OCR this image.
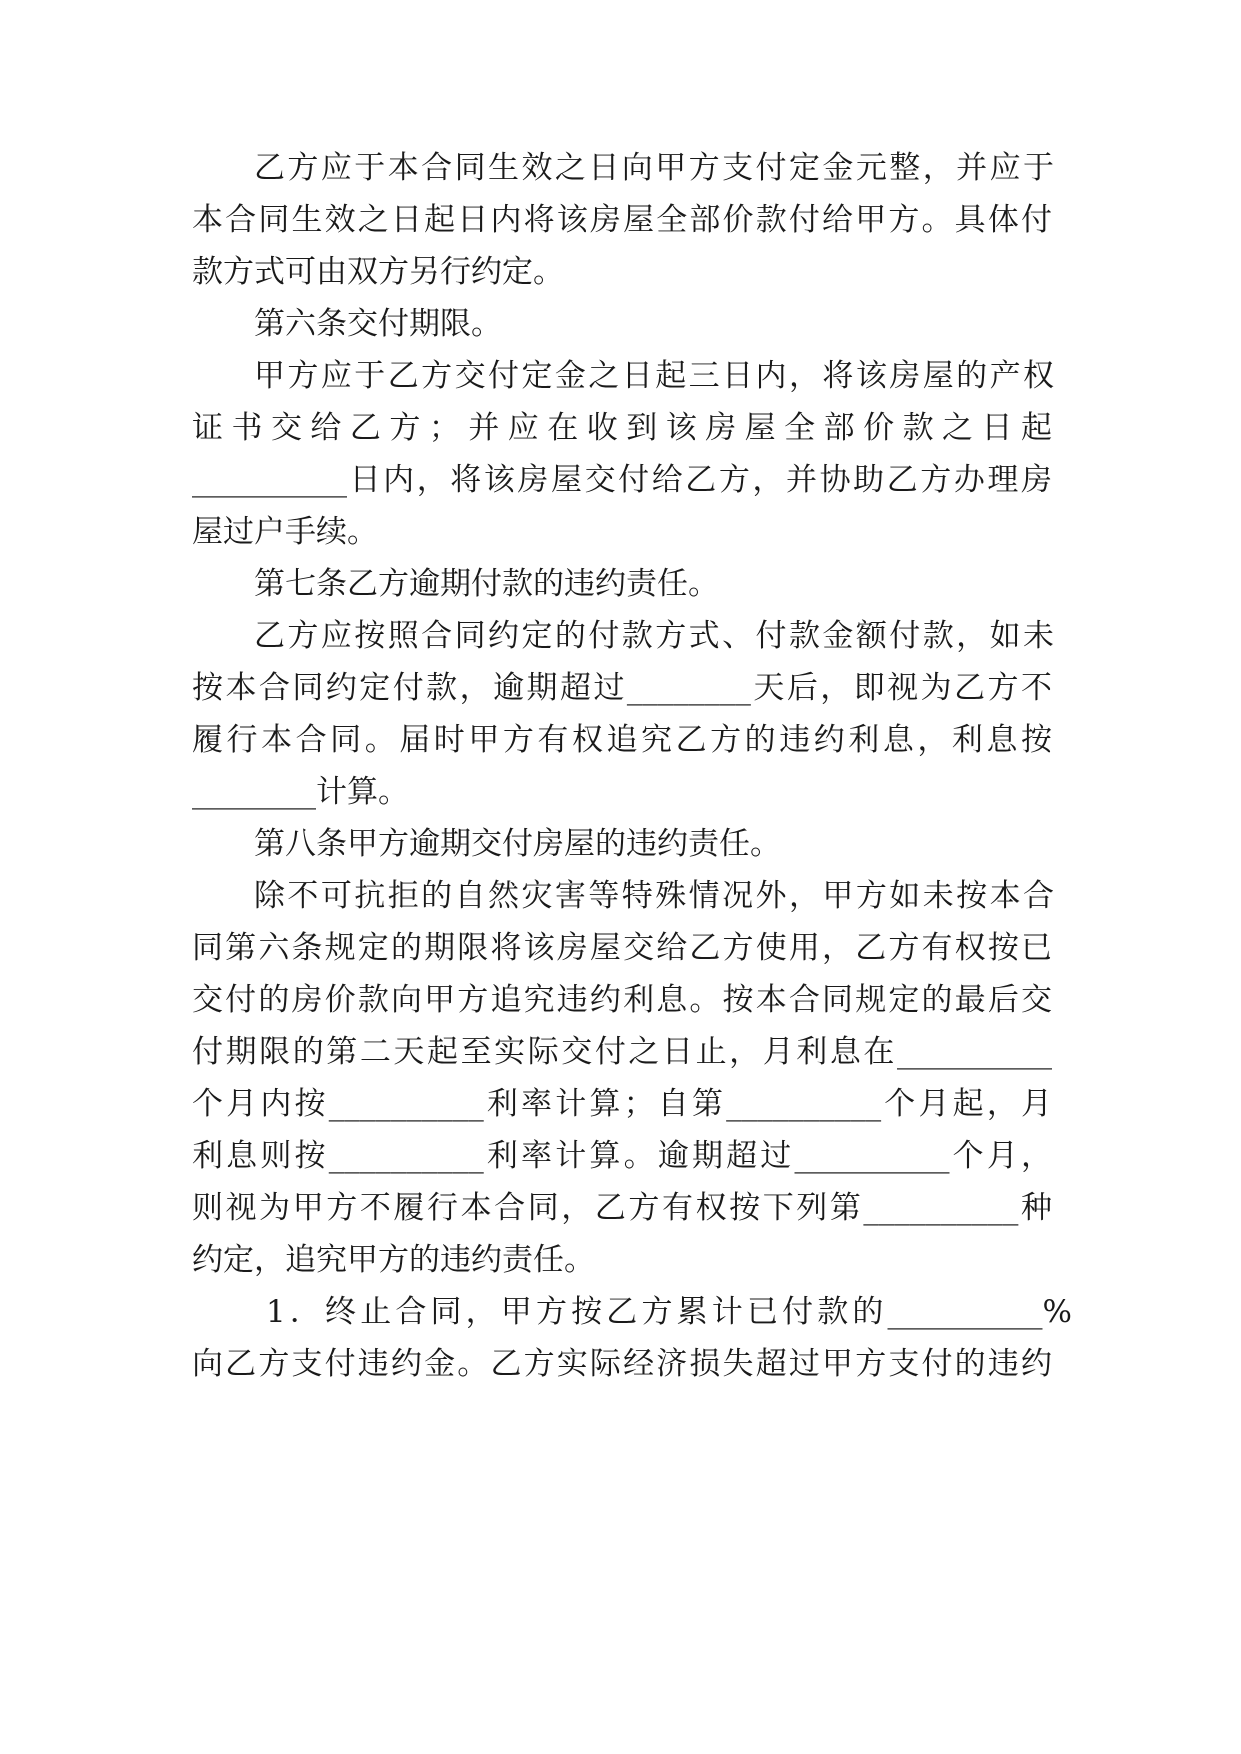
乙方应于本合同生效之日向甲方支付定金元整，并应于
本合同生效之日起日内将该房屋全部价款付给甲方。具体付
款方式可由双方另行约定。
第六条交付期限。
甲方应于乙方交付定金之日起三日内，将该房屋的产权
证书交给乙方；并应在收到该房屋全部价款之日起
__________日内，将该房屋交付给乙方，并协助乙方办理房
屋过户手续。
第七条乙方逾期付款的违约责任。
乙方应按照合同约定的付款方式、付款金额付款，如未
按本合同约定付款，逾期超过________天后，即视为乙方不
履行本合同。届时甲方有权追究乙方的违约利息，利息按
________计算。
第八条甲方逾期交付房屋的违约责任。
除不可抗拒的自然灾害等特殊情况外，甲方如未按本合
同第六条规定的期限将该房屋交给乙方使用，乙方有权按已
交付的房价款向甲方追究违约利息。按本合同规定的最后交
付期限的第二天起至实际交付之日止，月利息在__________
个月内按__________利率计算；自第__________个月起，月
利息则按__________利率计算。逾期超过__________个月，
则视为甲方不履行本合同，乙方有权按下列第__________种
约定，追究甲方的违约责任。
1．终止合同，甲方按乙方累计已付款的__________%
向乙方支付违约金。乙方实际经济损失超过甲方支付的违约
